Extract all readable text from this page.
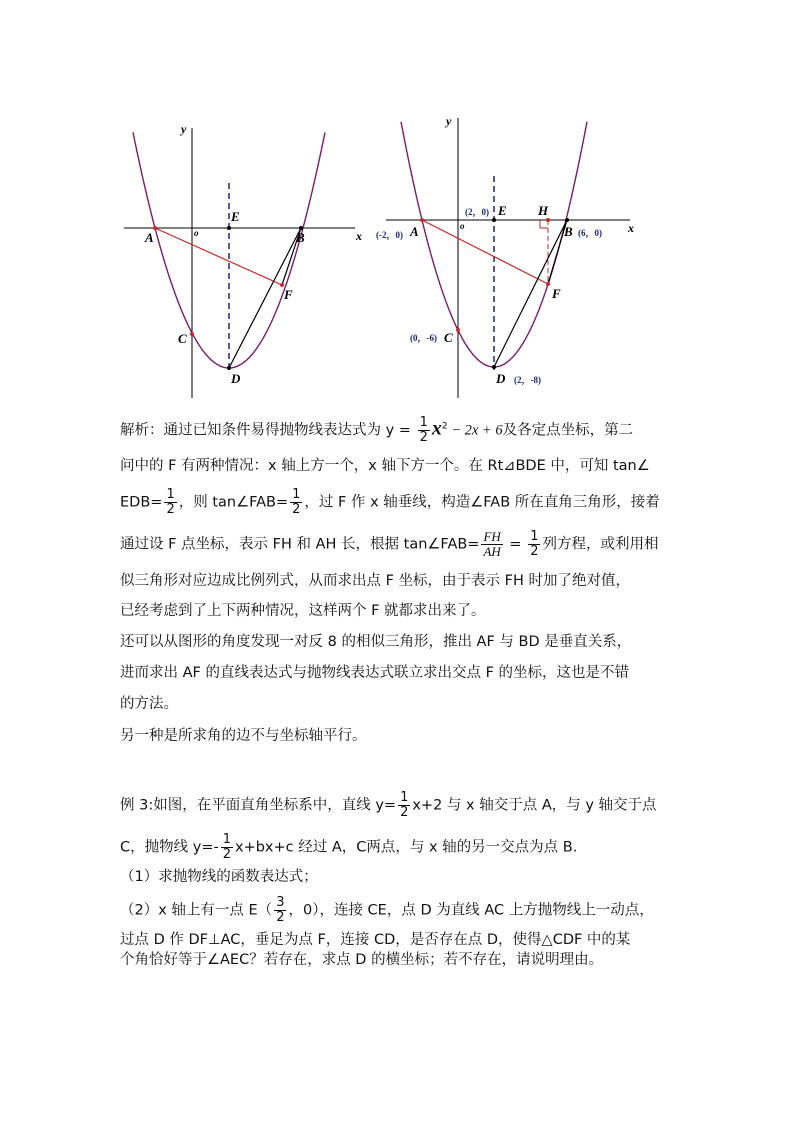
x
y
o
A	B
C
D
E
F
x
y
o
A	B
C
D
E
F
H
(-2，0)	(6，0)
(0，-6)
(2，-8)
(2，0)
解析：通过已知条件易得抛物线表达式为 $y = \frac{1}{2} x^2 - 2x + 6$及各定点坐标，第二
问中的 F 有两种情况：x 轴上方一个，x 轴下方一个。在 Rt⊿BDE 中，可知 tan∠
$EDB= \frac{1}{2}$ ，则 tan∠FAB= $\frac{1}{2}$ ，过 F 作 x 轴垂线，构造∠FAB 所在直角三角形，接着
通过设 F 点坐标，表示 FH 和 AH 长，根据 tan∠FAB= $\frac{FH}{AH} = \frac{1}{2}$ 列方程，或利用相
似三角形对应边成比例列式，从而求出点 F 坐标，由于表示 FH 时加了绝对值，
已经考虑到了上下两种情况，这样两个 F 就都求出来了。
还可以从图形的角度发现一对反 8 的相似三角形，推出 AF 与 BD 是垂直关系，
进而求出 AF 的直线表达式与抛物线表达式联立求出交点 F 的坐标，这也是不错
的方法。
另一种是所求角的边不与坐标轴平行。
例 3:如图，在平面直角坐标系中，直线 $y= \frac{1}{2} x+2$ 与 x 轴交于点 A，与 y 轴交于点
C，抛物线 $y=- \frac{1}{2} x+bx+c$ 经过 A，C两点，与 x 轴的另一交点为点 B.
（1）求抛物线的函数表达式；
（2）x 轴上有一点 $E( \frac{3}{2}$ ，0），连接 CE，点 D 为直线 AC 上方抛物线上一动点，
过点 D 作 DF⊥AC，垂足为点 F，连接 CD，是否存在点 D，使得△CDF 中的某
个角恰好等于∠AEC？若存在，求点 D 的横坐标；若不存在，请说明理由。
